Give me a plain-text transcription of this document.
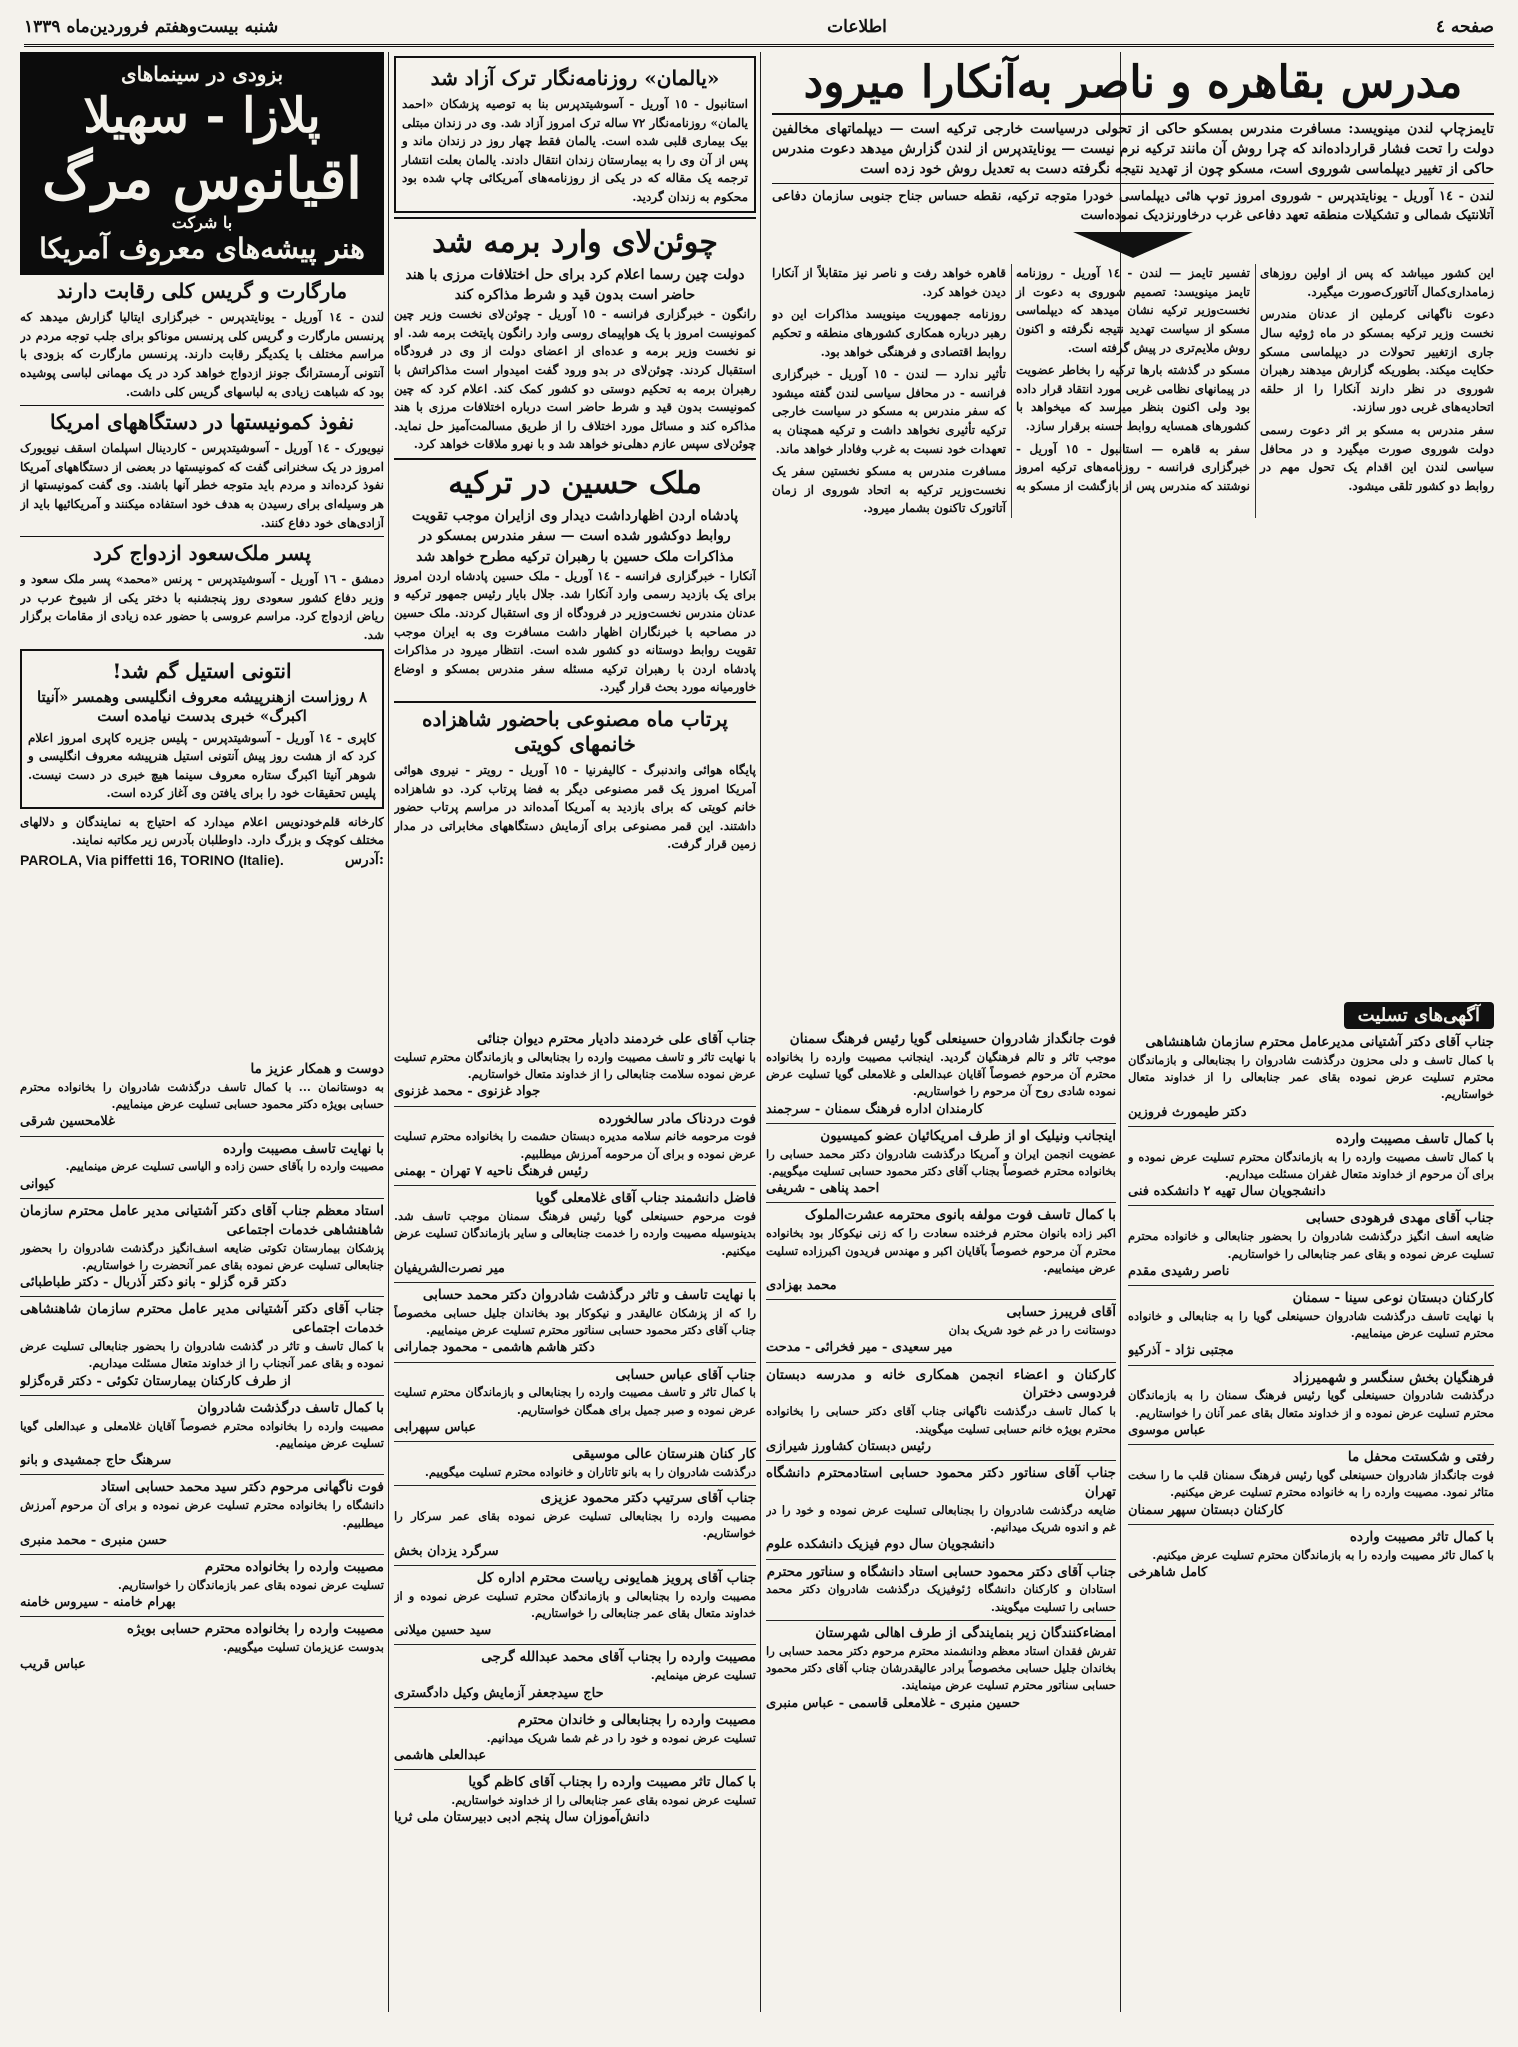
صفحه ٤
اطلاعات
شنبه بیست‌وهفتم فروردین‌ماه ١٣٣٩
مدرس بقاهره و ناصر به‌آنکارا میرود
تایمز‌چاپ لندن مینویسد: مسافرت مندرس بمسکو حاکی از تحولی درسیاست خارجی ترکیه است — دیپلماتهای مخالفین دولت را تحت فشار قرارداده‌اند که چرا روش آن مانند ترکیه نرم نیست — یونایتدپرس از لندن گزارش میدهد دعوت مندرس حاکی از تغییر دیپلماسی شوروی است، مسکو چون از تهدید نتیجه نگرفته دست به تعدیل روش خود زده است
لندن - ١٤ آوریل - یونایتدپرس - شوروی امروز توپ هائی دیپلماسی خودرا متوجه ترکیه، نقطه حساس جناح جنوبی سازمان دفاعی آتلانتیک شمالی و تشکیلات منطقه تعهد دفاعی غرب درخاورنزدیک نموده‌است

این کشور میباشد که پس از اولین روزهای زمامداری‌کمال آتاتورک‌صورت میگیرد.

دعوت ناگهانی کرملین از عدنان مندرس نخست وزیر ترکیه بمسکو در ماه ژوئیه سال جاری ازتغییر تحولات در دیپلماسی مسکو حکایت میکند. بطوریکه گزارش میدهند رهبران شوروی در نظر دارند آنکارا را از حلقه اتحادیه‌های غربی دور سازند.

سفر مندرس به مسکو بر اثر دعوت رسمی دولت شوروی صورت میگیرد و در محافل سیاسی لندن این اقدام یک تحول مهم در روابط دو کشور تلقی میشود.

تفسیر تایمز — لندن - ١٤ آوریل - روزنامه تایمز مینویسد: تصمیم شوروی به دعوت از نخست‌وزیر ترکیه نشان میدهد که دیپلماسی مسکو از سیاست تهدید نتیجه نگرفته و اکنون روش ملایم‌تری در پیش گرفته است.

مسکو در گذشته بارها ترکیه را بخاطر عضویت در پیمانهای نظامی غربی مورد انتقاد قرار داده بود ولی اکنون بنظر میرسد که میخواهد با کشورهای همسایه روابط حسنه برقرار سازد.

سفر به قاهره — استانبول - ١٥ آوریل - خبرگزاری فرانسه - روزنامه‌های ترکیه امروز نوشتند که مندرس پس از بازگشت از مسکو به قاهره خواهد رفت و ناصر نیز متقابلاً از آنکارا دیدن خواهد کرد.

روزنامه جمهوریت مینویسد مذاکرات این دو رهبر درباره همکاری کشورهای منطقه و تحکیم روابط اقتصادی و فرهنگی خواهد بود.

تأثیر ندارد — لندن - ١٥ آوریل - خبرگزاری فرانسه - در محافل سیاسی لندن گفته میشود که سفر مندرس به مسکو در سیاست خارجی ترکیه تأثیری نخواهد داشت و ترکیه همچنان به تعهدات خود نسبت به غرب وفادار خواهد ماند.

مسافرت مندرس به مسکو نخستین سفر یک نخست‌وزیر ترکیه به اتحاد شوروی از زمان آتاتورک تاکنون بشمار میرود.

«یالمان» روزنامه‌نگار ترک آزاد شد
استانبول - ١٥ آوریل - آسوشیتدپرس بنا به توصیه پزشکان «احمد یالمان» روزنامه‌نگار ٧٢ ساله ترک امروز آزاد شد. وی در زندان مبتلی بیک بیماری قلبی شده است. یالمان فقط چهار روز در زندان ماند و پس از آن وی را به بیمارستان زندان انتقال دادند. یالمان بعلت انتشار ترجمه یک مقاله که در یکی از روزنامه‌های آمریکائی چاپ شده بود محکوم به زندان گردید.
چوئن‌لای وارد برمه شد
دولت چین رسما اعلام کرد برای حل اختلافات مرزی با هند حاضر است بدون قید و شرط مذاکره کند
رانگون - خبرگزاری فرانسه - ١٥ آوریل - چوئن‌لای نخست وزیر چین کمونیست امروز با یک هواپیمای روسی وارد رانگون پایتخت برمه شد. او نو نخست وزیر برمه و عده‌ای از اعضای دولت از وی در فرودگاه استقبال کردند. چوئن‌لای در بدو ورود گفت امیدوار است مذاکراتش با رهبران برمه به تحکیم دوستی دو کشور کمک کند. اعلام کرد که چین کمونیست بدون قید و شرط حاضر است درباره اختلافات مرزی با هند مذاکره کند و مسائل مورد اختلاف را از طریق مسالمت‌آمیز حل نماید. چوئن‌لای سپس عازم دهلی‌نو خواهد شد و با نهرو ملاقات خواهد کرد.
ملک حسین در ترکیه
پادشاه اردن اظهارداشت دیدار وی ازایران موجب تقویت روابط دوکشور شده است — سفر مندرس بمسکو در مذاکرات ملک حسین با رهبران ترکیه مطرح خواهد شد
آنکارا - خبرگزاری فرانسه - ١٤ آوریل - ملک حسین پادشاه اردن امروز برای یک بازدید رسمی وارد آنکارا شد. جلال بایار رئیس جمهور ترکیه و عدنان مندرس نخست‌وزیر در فرودگاه از وی استقبال کردند. ملک حسین در مصاحبه با خبرنگاران اظهار داشت مسافرت وی به ایران موجب تقویت روابط دوستانه دو کشور شده است. انتظار میرود در مذاکرات پادشاه اردن با رهبران ترکیه مسئله سفر مندرس بمسکو و اوضاع خاورمیانه مورد بحث قرار گیرد.
پرتاب ماه مصنوعی باحضور شاهزاده خانمهای کویتی
پایگاه هوائی واندنبرگ - کالیفرنیا - ١٥ آوریل - رویتر - نیروی هوائی آمریکا امروز یک قمر مصنوعی دیگر به فضا پرتاب کرد. دو شاهزاده خانم کویتی که برای بازدید به آمریکا آمده‌اند در مراسم پرتاب حضور داشتند. این قمر مصنوعی برای آزمایش دستگاههای مخابراتی در مدار زمین قرار گرفت.
بزودی در سینماهای
پلازا - سهیلا
اقیانوس مرگ
با شرکت
هنر پیشه‌های معروف آمریکا
مارگارت و گریس کلی رقابت دارند
لندن - ١٤ آوریل - یونایتدپرس - خبرگزاری ایتالیا گزارش میدهد که پرنسس مارگارت و گریس کلی پرنسس موناکو برای جلب توجه مردم در مراسم مختلف با یکدیگر رقابت دارند. پرنسس مارگارت که بزودی با آنتونی آرمسترانگ جونز ازدواج خواهد کرد در یک مهمانی لباسی پوشیده بود که شباهت زیادی به لباسهای گریس کلی داشت.
نفوذ کمونیستها در دستگاههای امریکا
نیویورک - ١٤ آوریل - آسوشیتدپرس - کاردینال اسپلمان اسقف نیویورک امروز در یک سخنرانی گفت که کمونیستها در بعضی از دستگاههای آمریکا نفوذ کرده‌اند و مردم باید متوجه خطر آنها باشند. وی گفت کمونیستها از هر وسیله‌ای برای رسیدن به هدف خود استفاده میکنند و آمریکائیها باید از آزادی‌های خود دفاع کنند.
پسر ملک‌سعود ازدواج کرد
دمشق - ١٦ آوریل - آسوشیتدپرس - پرنس «محمد» پسر ملک سعود و وزیر دفاع کشور سعودی روز پنجشنبه با دختر یکی از شیوخ عرب در ریاض ازدواج کرد. مراسم عروسی با حضور عده زیادی از مقامات برگزار شد.
انتونی استیل گم شد!
٨ روزاست ازهنرپیشه معروف انگلیسی وهمسر «آنیتا اکبرگ» خبری بدست نیامده است
کاپری - ١٤ آوریل - آسوشیتدپرس - پلیس جزیره کاپری امروز اعلام کرد که از هشت روز پیش آنتونی استیل هنرپیشه معروف انگلیسی و شوهر آنیتا اکبرگ ستاره معروف سینما هیچ خبری در دست نیست. پلیس تحقیقات خود را برای یافتن وی آغاز کرده است.
کارخانه قلم‌خودنویس اعلام میدارد که احتیاج به نمایندگان و دلالهای مختلف کوچک و بزرگ دارد. داوطلبان بآدرس زیر مکاتبه نمایند.
PAROLA, Via piffetti 16, TORINO (Italie).	آدرس:
آگهی‌های تسلیت
جناب آقای دکتر آشتیانی مدیرعامل محترم سازمان شاهنشاهی
با کمال تاسف و دلی محزون درگذشت شادروان را بجنابعالی و بازماندگان محترم تسلیت عرض نموده بقای عمر جنابعالی را از خداوند متعال خواستاریم.
دکتر طیمورث فروزین
با کمال تاسف مصیبت وارده
با کمال تاسف مصیبت وارده را به بازماندگان محترم تسلیت عرض نموده و برای آن مرحوم از خداوند متعال غفران مسئلت میداریم.
دانشجویان سال تهیه ٢ دانشکده فنی
جناب آقای مهدی فرهودی حسابی
ضایعه اسف انگیز درگذشت شادروان را بحضور جنابعالی و خانواده محترم تسلیت عرض نموده و بقای عمر جنابعالی را خواستاریم.
ناصر رشیدی مقدم
کارکنان دبستان نوعی سینا - سمنان
با نهایت تاسف درگذشت شادروان حسینعلی گویا را به جنابعالی و خانواده محترم تسلیت عرض مینماییم.
مجتبی نژاد - آذرکیو
فرهنگیان بخش سنگسر و شهمیرزاد
درگذشت شادروان حسینعلی گویا رئیس فرهنگ سمنان را به بازماندگان محترم تسلیت عرض نموده و از خداوند متعال بقای عمر آنان را خواستاریم.
عباس موسوی
رفتی و شکستت محفل ما
فوت جانگداز شادروان حسینعلی گویا رئیس فرهنگ سمنان قلب ما را سخت متاثر نمود. مصیبت وارده را به خانواده محترم تسلیت عرض میکنیم.
کارکنان دبستان سپهر سمنان
با کمال تاثر مصیبت وارده
با کمال تاثر مصیبت وارده را به بازماندگان محترم تسلیت عرض میکنیم.
کامل شاهرخی
فوت جانگداز شادروان حسینعلی گویا رئیس فرهنگ سمنان
موجب تاثر و تالم فرهنگیان گردید. اینجانب مصیبت وارده را بخانواده محترم آن مرحوم خصوصاً آقایان عبدالعلی و غلامعلی گویا تسلیت عرض نموده شادی روح آن مرحوم را خواستاریم.
کارمندان اداره فرهنگ سمنان - سرجمند
اینجانب ونیلیک او از طرف امریکائیان عضو کمیسیون
عضویت انجمن ایران و آمریکا درگذشت شادروان دکتر محمد حسابی را بخانواده محترم خصوصاً بجناب آقای دکتر محمود حسابی تسلیت میگوییم.
احمد پناهی - شریفی
با کمال تاسف فوت مولفه بانوی محترمه عشرت‌الملوک
اکبر زاده بانوان محترم فرخنده سعادت را که زنی نیکوکار بود بخانواده محترم آن مرحوم خصوصاً بآقایان اکبر و مهندس فریدون اکبرزاده تسلیت عرض مینماییم.
محمد بهزادی
آقای فریبرز حسابی
دوستانت را در غم خود شریک بدان
میر سعیدی - میر فخرائی - مدحت
کارکنان و اعضاء انجمن همکاری خانه و مدرسه دبستان فردوسی دختران
با کمال تاسف درگذشت ناگهانی جناب آقای دکتر حسابی را بخانواده محترم بویژه خانم حسابی تسلیت میگویند.
رئیس دبستان کشاورز شیرازی
جناب آقای سناتور دکتر محمود حسابی استادمحترم دانشگاه تهران
ضایعه درگذشت شادروان را بجنابعالی تسلیت عرض نموده و خود را در غم و اندوه شریک میدانیم.
دانشجویان سال دوم فیزیک دانشکده علوم
جناب آقای دکتر محمود حسابی استاد دانشگاه و سناتور محترم
استادان و کارکنان دانشگاه ژئوفیزیک درگذشت شادروان دکتر محمد حسابی را تسلیت میگویند.
امضاءکنندگان زیر بنمایندگی از طرف اهالی شهرستان
تفرش فقدان استاد معظم ودانشمند محترم مرحوم دکتر محمد حسابی را بخاندان جلیل حسابی مخصوصاً برادر عالیقدرشان جناب آقای دکتر محمود حسابی سناتور محترم تسلیت عرض مینمایند.
حسین منبری - غلامعلی قاسمی - عباس منبری
جناب آقای علی خردمند دادیار محترم دیوان جنائی
با نهایت تاثر و تاسف مصیبت وارده را بجنابعالی و بازماندگان محترم تسلیت عرض نموده سلامت جنابعالی را از خداوند متعال خواستاریم.
جواد غزنوی - محمد غزنوی
فوت دردناک مادر سالخورده
فوت مرحومه خانم سلامه مدیره دبستان حشمت را بخانواده محترم تسلیت عرض نموده و برای آن مرحومه آمرزش میطلبیم.
رئیس فرهنگ ناحیه ٧ تهران - بهمنی
فاضل دانشمند جناب آقای غلامعلی گویا
فوت مرحوم حسینعلی گویا رئیس فرهنگ سمنان موجب تاسف شد. بدینوسیله مصیبت وارده را خدمت جنابعالی و سایر بازماندگان تسلیت عرض میکنیم.
میر نصرت‌الشریفیان
با نهایت تاسف و تاثر درگذشت شادروان دکتر محمد حسابی
را که از پزشکان عالیقدر و نیکوکار بود بخاندان جلیل حسابی مخصوصاً جناب آقای دکتر محمود حسابی سناتور محترم تسلیت عرض مینماییم.
دکتر هاشم هاشمی - محمود جمارانی
جناب آقای عباس حسابی
با کمال تاثر و تاسف مصیبت وارده را بجنابعالی و بازماندگان محترم تسلیت عرض نموده و صبر جمیل برای همگان خواستاریم.
عباس سپهرابی
کار کنان هنرستان عالی موسیقی
درگذشت شادروان را به بانو تاتاران و خانواده محترم تسلیت میگوییم.
جناب آقای سرتیپ دکتر محمود عزیزی
مصیبت وارده را بجنابعالی تسلیت عرض نموده بقای عمر سرکار را خواستاریم.
سرگرد یزدان بخش
جناب آقای پرویز همایونی ریاست محترم اداره کل
مصیبت وارده را بجنابعالی و بازماندگان محترم تسلیت عرض نموده و از خداوند متعال بقای عمر جنابعالی را خواستاریم.
سید حسین میلانی
مصیبت وارده را بجناب آقای محمد عبدالله گرجی
تسلیت عرض مینمایم.
حاج سیدجعفر آزمایش وکیل دادگستری
مصیبت وارده را بجنابعالی و خاندان محترم
تسلیت عرض نموده و خود را در غم شما شریک میدانیم.
عبدالعلی هاشمی
با کمال تاثر مصیبت وارده را بجناب آقای کاظم گویا
تسلیت عرض نموده بقای عمر جنابعالی را از خداوند خواستاریم.
دانش‌آموزان سال پنجم ادبی دبیرستان ملی ثریا
دوست و همکار عزیز ما
به دوستانمان ... با کمال تاسف درگذشت شادروان را بخانواده محترم حسابی بویژه دکتر محمود حسابی تسلیت عرض مینماییم.
غلامحسین شرقی
با نهایت تاسف مصیبت وارده
مصیبت وارده را بآقای حسن زاده و الیاسی تسلیت عرض مینماییم.
کیوانی
استاد معظم جناب آقای دکتر آشتیانی مدیر عامل محترم سازمان شاهنشاهی خدمات اجتماعی
پزشکان بیمارستان تکوتی ضایعه اسف‌انگیز درگذشت شادروان را بحضور جنابعالی تسلیت عرض نموده بقای عمر آنحضرت را خواستاریم.
دکتر قره گزلو - بانو دکتر آذربال - دکتر طباطبائی
جناب آقای دکتر آشتیانی مدیر عامل محترم سازمان شاهنشاهی خدمات اجتماعی
با کمال تاسف و تاثر در گذشت شادروان را بحضور جنابعالی تسلیت عرض نموده و بقای عمر آنجناب را از خداوند متعال مسئلت میداریم.
از طرف کارکنان بیمارستان تکوئی - دکتر قره‌گزلو
با کمال تاسف درگذشت شادروان
مصیبت وارده را بخانواده محترم خصوصاً آقایان غلامعلی و عبدالعلی گویا تسلیت عرض مینماییم.
سرهنگ حاج جمشیدی و بانو
فوت ناگهانی مرحوم دکتر سید محمد حسابی استاد
دانشگاه را بخانواده محترم تسلیت عرض نموده و برای آن مرحوم آمرزش میطلبیم.
حسن منبری - محمد منبری
مصیبت وارده را بخانواده محترم
تسلیت عرض نموده بقای عمر بازماندگان را خواستاریم.
بهرام خامنه - سیروس خامنه
مصیبت وارده را بخانواده محترم حسابی بویژه
بدوست عزیزمان تسلیت میگوییم.
عباس قریب
